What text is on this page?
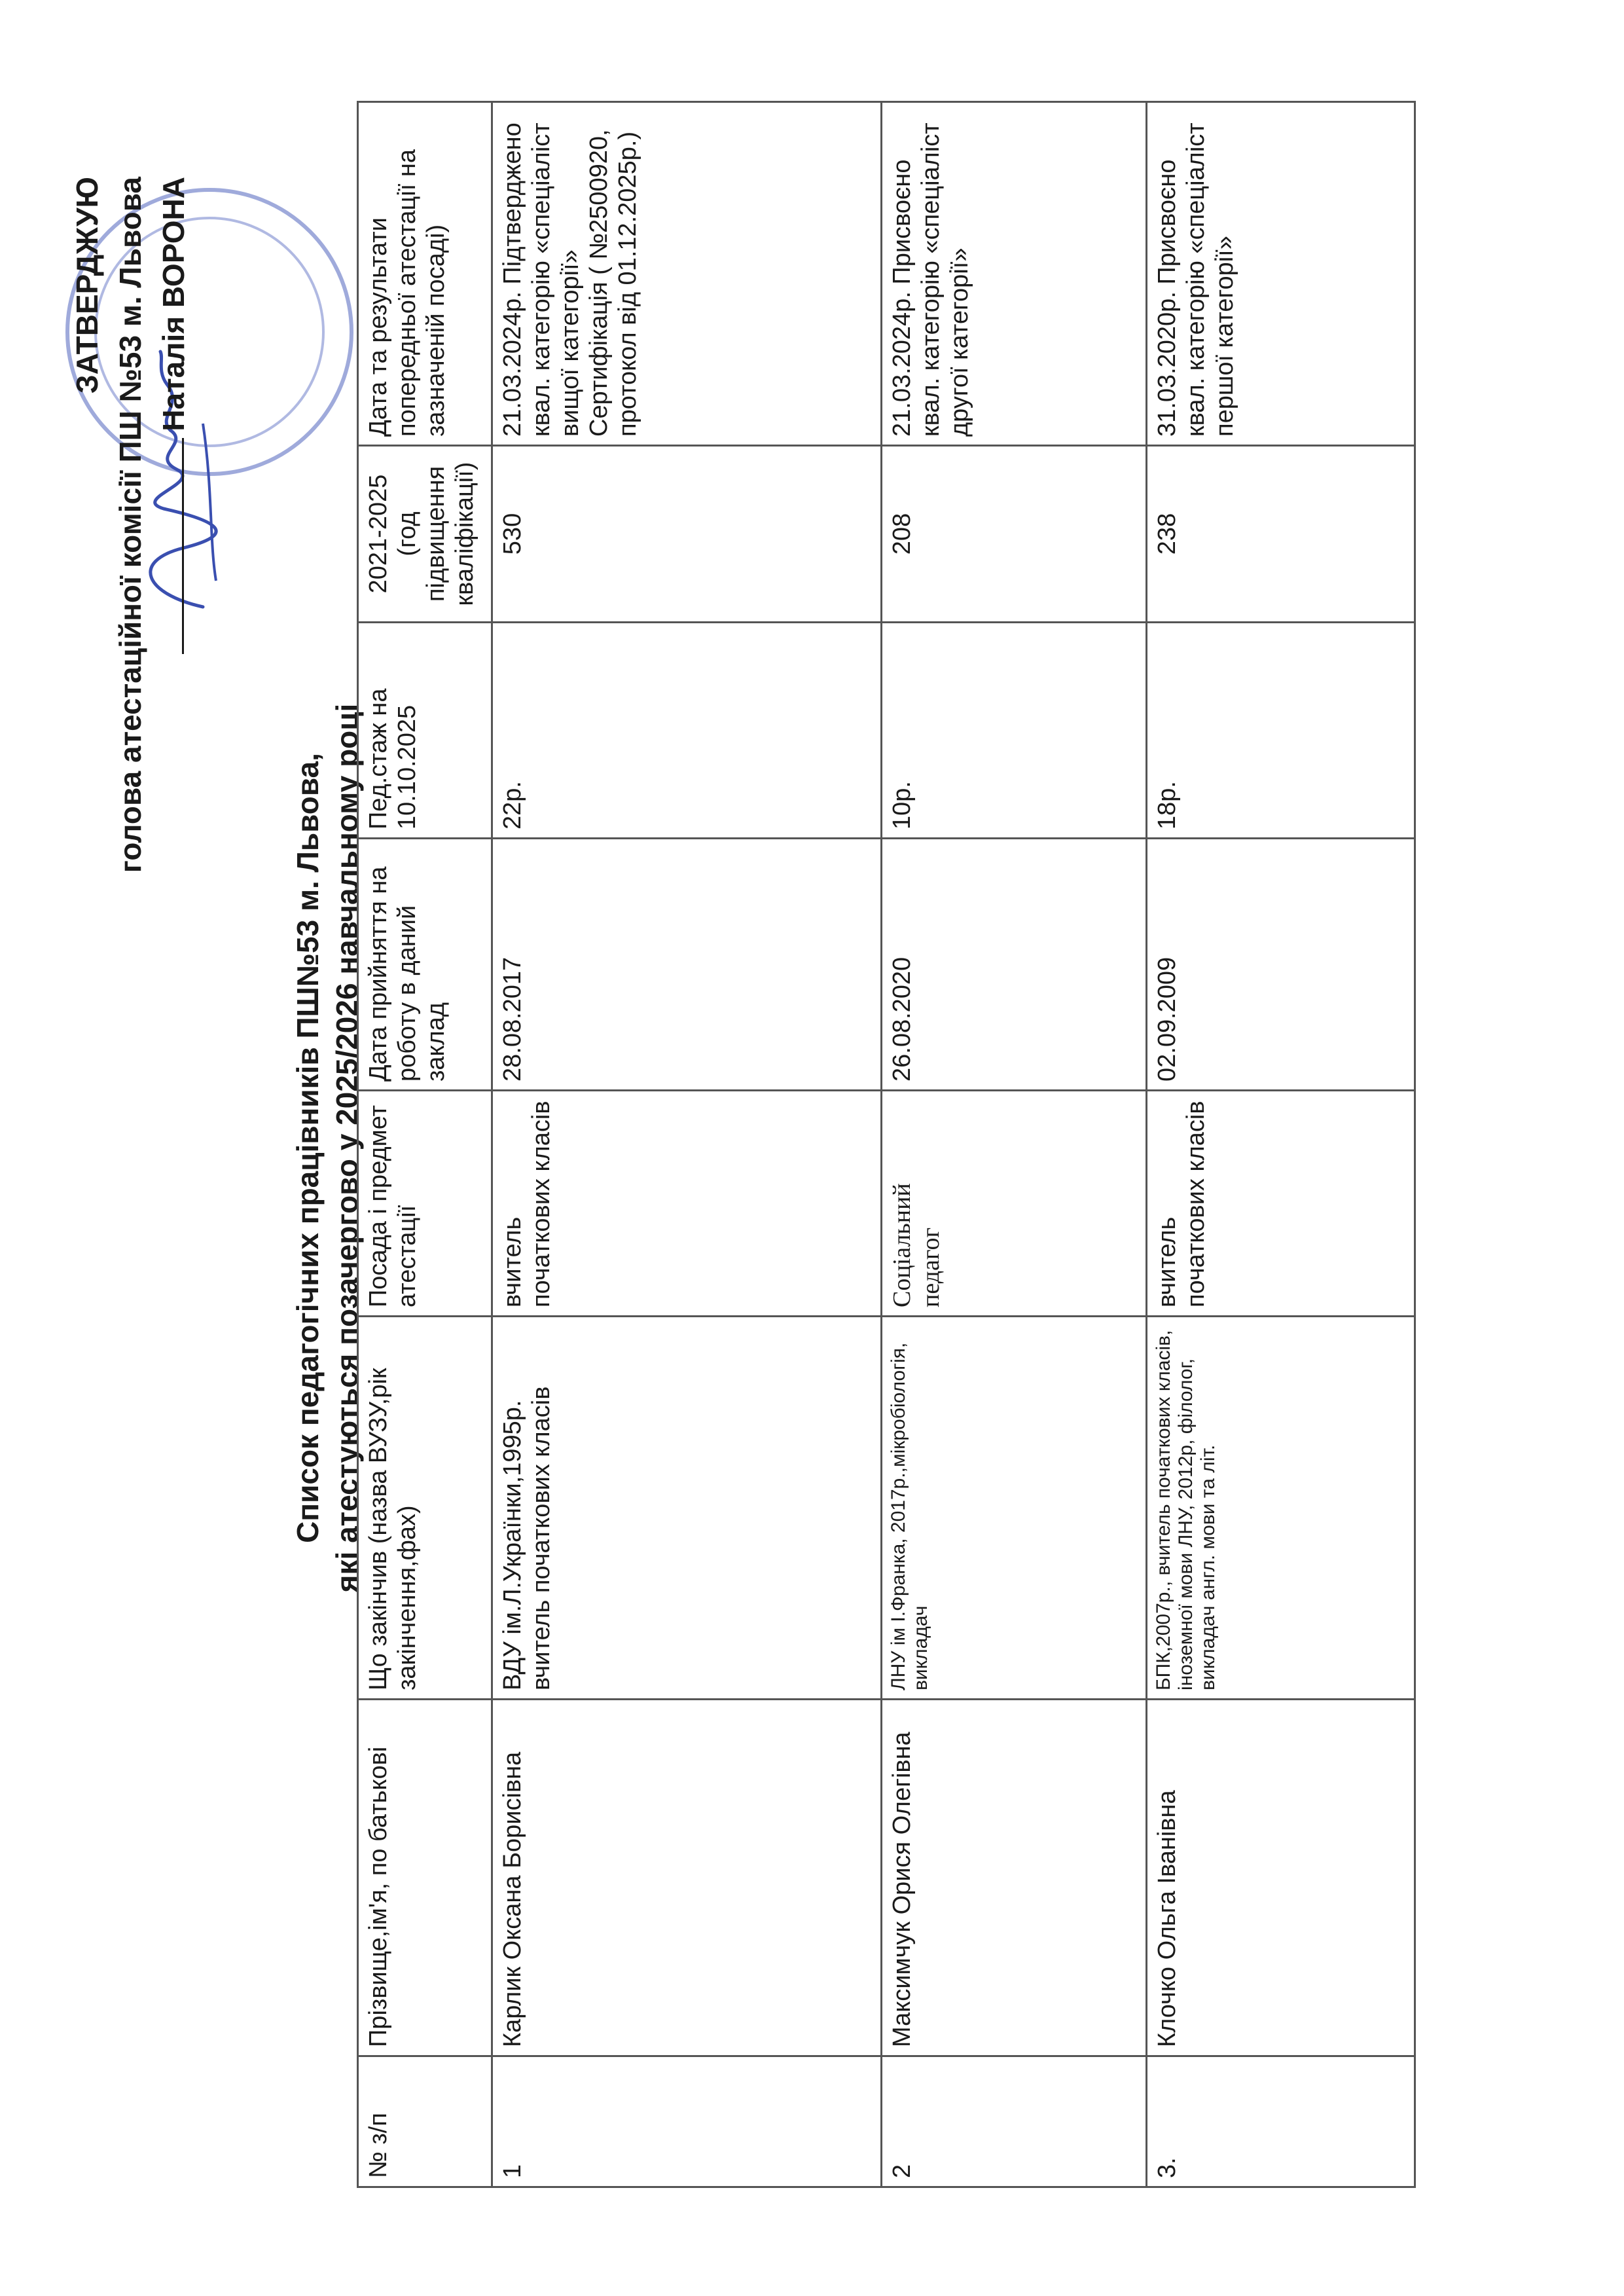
ЗАТВЕРДЖУЮ голова атестаційної комісії ПШ №53 м. Львова Наталія ВОРОНА
Список педагогічних працівників ПШ№53 м. Львова, які атестуються позачергово у 2025/2026 навчальному році
№ з/п	Прізвище,ім'я, по батькові	Що закінчив (назва ВУЗУ,рік закінчення,фах)	Посада і предмет атестації	Дата прийняття на роботу в даний заклад	Пед.стаж на 10.10.2025	2021-2025 (год підвищення кваліфікації)	Дата та результати попередньої атестації на зазначеній посаді)
1	Карлик Оксана Борисівна	ВДУ ім.Л.Українки,1995р. вчитель початкових класів	вчитель початкових класів	28.08.2017	22р.	530	21.03.2024р. Підтверджено квал. категорію «спеціаліст вищої категорії» Сертифікація ( №2500920, протокол від 01.12.2025р.)
2	Максимчук Орися Олегівна	ЛНУ ім І.Франка, 2017р.,мікробіологія, викладач	Соціальний педагог	26.08.2020	10р.	208	21.03.2024р. Присвоєно квал. категорію «спеціаліст другої категорії»
3.	Клочко Ольга Іванівна	БПК,2007р., вчитель початкових класів, іноземної мови ЛНУ, 2012р, філолог, викладач англ. мови та літ.	вчитель початкових класів	02.09.2009	18р.	238	31.03.2020р. Присвоєно квал. категорію «спеціаліст першої категорії»
